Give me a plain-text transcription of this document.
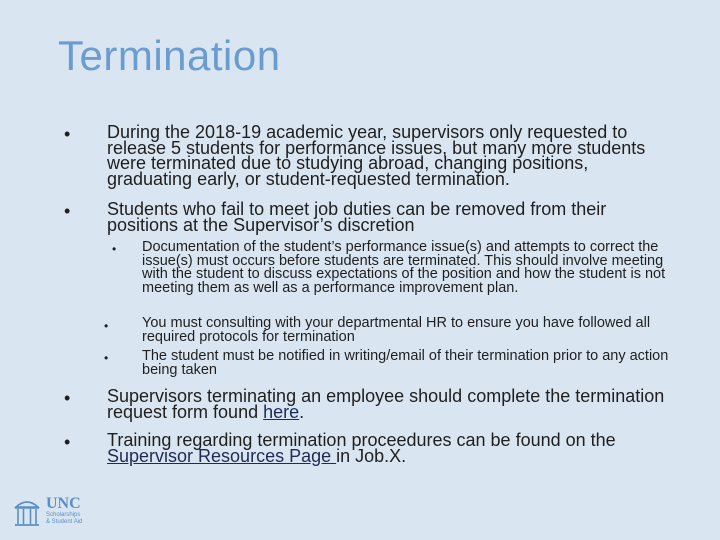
Termination
• During the 2018-19 academic year, supervisors only requested to release 5 students for performance issues, but many more students were terminated due to studying abroad, changing positions, graduating early, or student-requested termination.
• Students who fail to meet job duties can be removed from their positions at the Supervisor’s discretion
• Documentation of the student’s performance issue(s) and attempts to correct the issue(s) must occurs before students are terminated. This should involve meeting with the student to discuss expectations of the position and how the student is not meeting them as well as a performance improvement plan.
• You must consulting with your departmental HR to ensure you have followed all required protocols for termination
• The student must be notified in writing/email of their termination prior to any action being taken
• Supervisors terminating an employee should complete the termination request form found here.
• Training regarding termination proceedures can be found on the Supervisor Resources Page in Job.X.
UNC
Scholarships
& Student Aid
